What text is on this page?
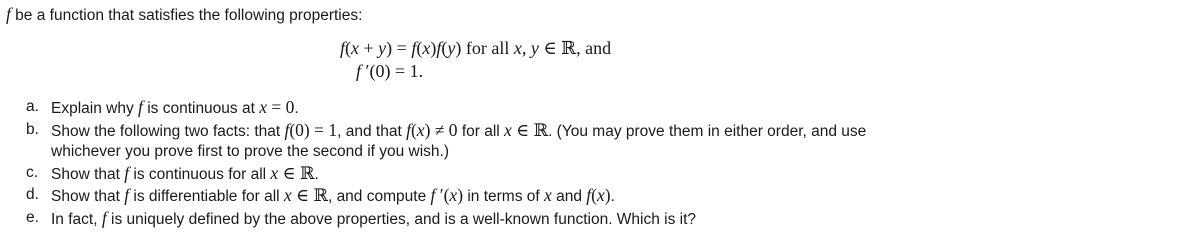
f be a function that satisfies the following properties:
f(x + y) = f(x)f(y) for all x, y ∈ ℝ, and
f ′(0) = 1.
a. Explain why f is continuous at x = 0.
b. Show the following two facts: that f(0) = 1, and that f(x) ≠ 0 for all x ∈ ℝ. (You may prove them in either order, and use
whichever you prove first to prove the second if you wish.)
c. Show that f is continuous for all x ∈ ℝ.
d. Show that f is differentiable for all x ∈ ℝ, and compute f ′(x) in terms of x and f(x).
e. In fact, f is uniquely defined by the above properties, and is a well-known function. Which is it?
